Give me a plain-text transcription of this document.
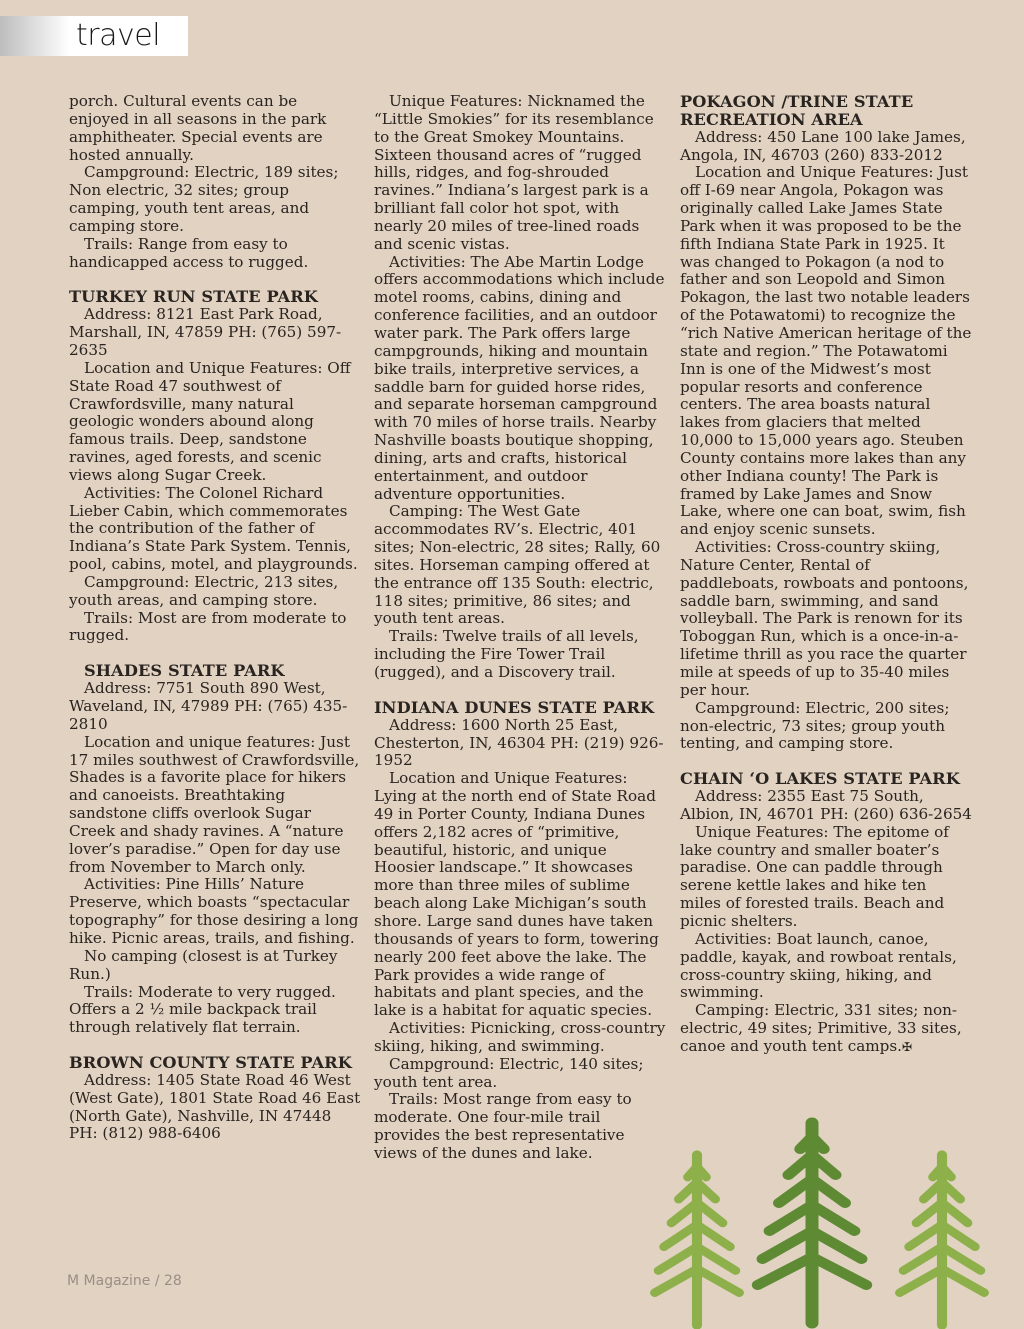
travel

porch. Cultural events can be enjoyed in all seasons in the park amphitheater. Special events are hosted annually.

Campground: Electric, 189 sites; Non electric, 32 sites; group camping, youth tent areas, and camping store.

Trails: Range from easy to handicapped access to rugged.

TURKEY RUN STATE PARK

Address: 8121 East Park Road, Marshall, IN, 47859 PH: (765) 597-2635

Location and Unique Features: Off State Road 47 southwest of Crawfordsville, many natural geologic wonders abound along famous trails. Deep, sandstone ravines, aged forests, and scenic views along Sugar Creek.

Activities: The Colonel Richard Lieber Cabin, which commemorates the contribution of the father of Indiana’s State Park System. Tennis, pool, cabins, motel, and playgrounds.

Campground: Electric, 213 sites, youth areas, and camping store.

Trails: Most are from moderate to rugged.

SHADES STATE PARK

Address: 7751 South 890 West, Waveland, IN, 47989 PH: (765) 435-2810

Location and unique features: Just 17 miles southwest of Crawfordsville, Shades is a favorite place for hikers and canoeists. Breathtaking sandstone cliffs overlook Sugar Creek and shady ravines. A “nature lover’s paradise.” Open for day use from November to March only.

Activities: Pine Hills’ Nature Preserve, which boasts “spectacular topography” for those desiring a long hike. Picnic areas, trails, and fishing.

No camping (closest is at Turkey Run.)

Trails: Moderate to very rugged. Offers a 2 ½ mile backpack trail through relatively flat terrain.

BROWN COUNTY STATE PARK

Address: 1405 State Road 46 West (West Gate), 1801 State Road 46 East (North Gate), Nashville, IN 47448 PH: (812) 988-6406

Unique Features: Nicknamed the “Little Smokies” for its resemblance to the Great Smokey Mountains. Sixteen thousand acres of “rugged hills, ridges, and fog-shrouded ravines.” Indiana’s largest park is a brilliant fall color hot spot, with nearly 20 miles of tree-lined roads and scenic vistas.

Activities: The Abe Martin Lodge offers accommodations which include motel rooms, cabins, dining and conference facilities, and an outdoor water park. The Park offers large campgrounds, hiking and mountain bike trails, interpretive services, a saddle barn for guided horse rides, and separate horseman campground with 70 miles of horse trails. Nearby Nashville boasts boutique shopping, dining, arts and crafts, historical entertainment, and outdoor adventure opportunities.

Camping: The West Gate accommodates RV’s. Electric, 401 sites; Non-electric, 28 sites; Rally, 60 sites. Horseman camping offered at the entrance off 135 South: electric, 118 sites; primitive, 86 sites; and youth tent areas.

Trails: Twelve trails of all levels, including the Fire Tower Trail (rugged), and a Discovery trail.

INDIANA DUNES STATE PARK

Address: 1600 North 25 East, Chesterton, IN, 46304 PH: (219) 926-1952

Location and Unique Features: Lying at the north end of State Road 49 in Porter County, Indiana Dunes offers 2,182 acres of “primitive, beautiful, historic, and unique Hoosier landscape.” It showcases more than three miles of sublime beach along Lake Michigan’s south shore. Large sand dunes have taken thousands of years to form, towering nearly 200 feet above the lake. The Park provides a wide range of habitats and plant species, and the lake is a habitat for aquatic species.

Activities: Picnicking, cross-country skiing, hiking, and swimming.

Campground: Electric, 140 sites; youth tent area.

Trails: Most range from easy to moderate. One four-mile trail provides the best representative views of the dunes and lake.

POKAGON /TRINE STATE RECREATION AREA

Address: 450 Lane 100 lake James, Angola, IN, 46703 (260) 833-2012

Location and Unique Features: Just off I-69 near Angola, Pokagon was originally called Lake James State Park when it was proposed to be the fifth Indiana State Park in 1925. It was changed to Pokagon (a nod to father and son Leopold and Simon Pokagon, the last two notable leaders of the Potawatomi) to recognize the “rich Native American heritage of the state and region.” The Potawatomi Inn is one of the Midwest’s most popular resorts and conference centers. The area boasts natural lakes from glaciers that melted 10,000 to 15,000 years ago. Steuben County contains more lakes than any other Indiana county! The Park is framed by Lake James and Snow Lake, where one can boat, swim, fish and enjoy scenic sunsets.

Activities: Cross-country skiing, Nature Center, Rental of paddleboats, rowboats and pontoons, saddle barn, swimming, and sand volleyball. The Park is renown for its Toboggan Run, which is a once-in-a-lifetime thrill as you race the quarter mile at speeds of up to 35-40 miles per hour.

Campground: Electric, 200 sites; non-electric, 73 sites; group youth tenting, and camping store.

CHAIN ‘O LAKES STATE PARK

Address: 2355 East 75 South, Albion, IN, 46701 PH: (260) 636-2654

Unique Features: The epitome of lake country and smaller boater’s paradise. One can paddle through serene kettle lakes and hike ten miles of forested trails. Beach and picnic shelters.

Activities: Boat launch, canoe, paddle, kayak, and rowboat rentals, cross-country skiing, hiking, and swimming.

Camping: Electric, 331 sites; non-electric, 49 sites; Primitive, 33 sites, canoe and youth tent camps.✠

M Magazine / 28
